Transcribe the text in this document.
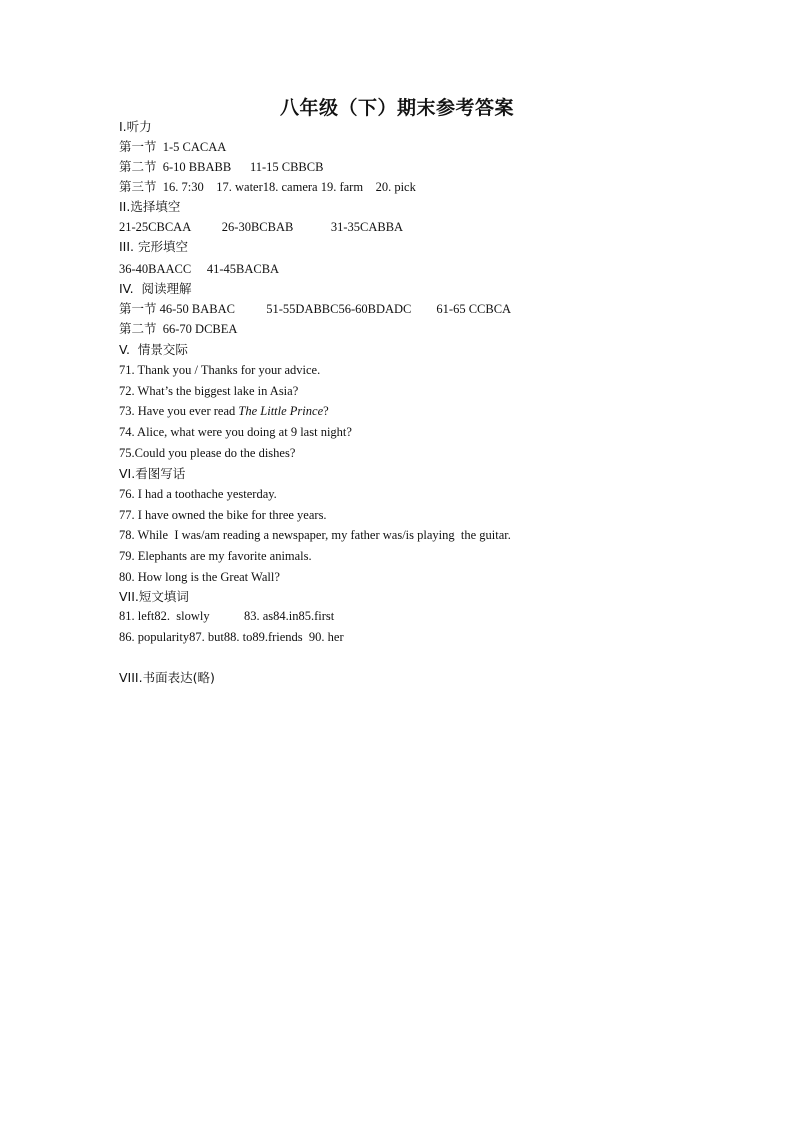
八年级（下）期末参考答案
I.听力
第一节 1-5 CACAA
第二节 6-10 BBABB 11-15 CBBCB
第三节 16. 7:30 17. water18. camera 19. farm 20. pick
II.选择填空
21-25CBCAA	26-30BCBAB	31-35CABBA
III. 完形填空
36-40BAACC 41-45BACBA
IV.  阅读理解
第一节 46-50 BABAC	51-55DABBC56-60BDADC 61-65 CCBCA
第二节 66-70 DCBEA
V.  情景交际
71. Thank you / Thanks for your advice.
72. What’s the biggest lake in Asia?
73. Have you ever read The Little Prince?
74. Alice, what were you doing at 9 last night?
75.Could you please do the dishes?
VI.看图写话
76. I had a toothache yesterday.
77. I have owned the bike for three years.
78. While  I was/am reading a newspaper, my father was/is playing  the guitar.
79. Elephants are my favorite animals.
80. How long is the Great Wall?
VII.短文填词
81. left82.  slowly	83. as84.in85.first
86. popularity87. but88. to89.friends  90. her
VIII.书面表达(略)
